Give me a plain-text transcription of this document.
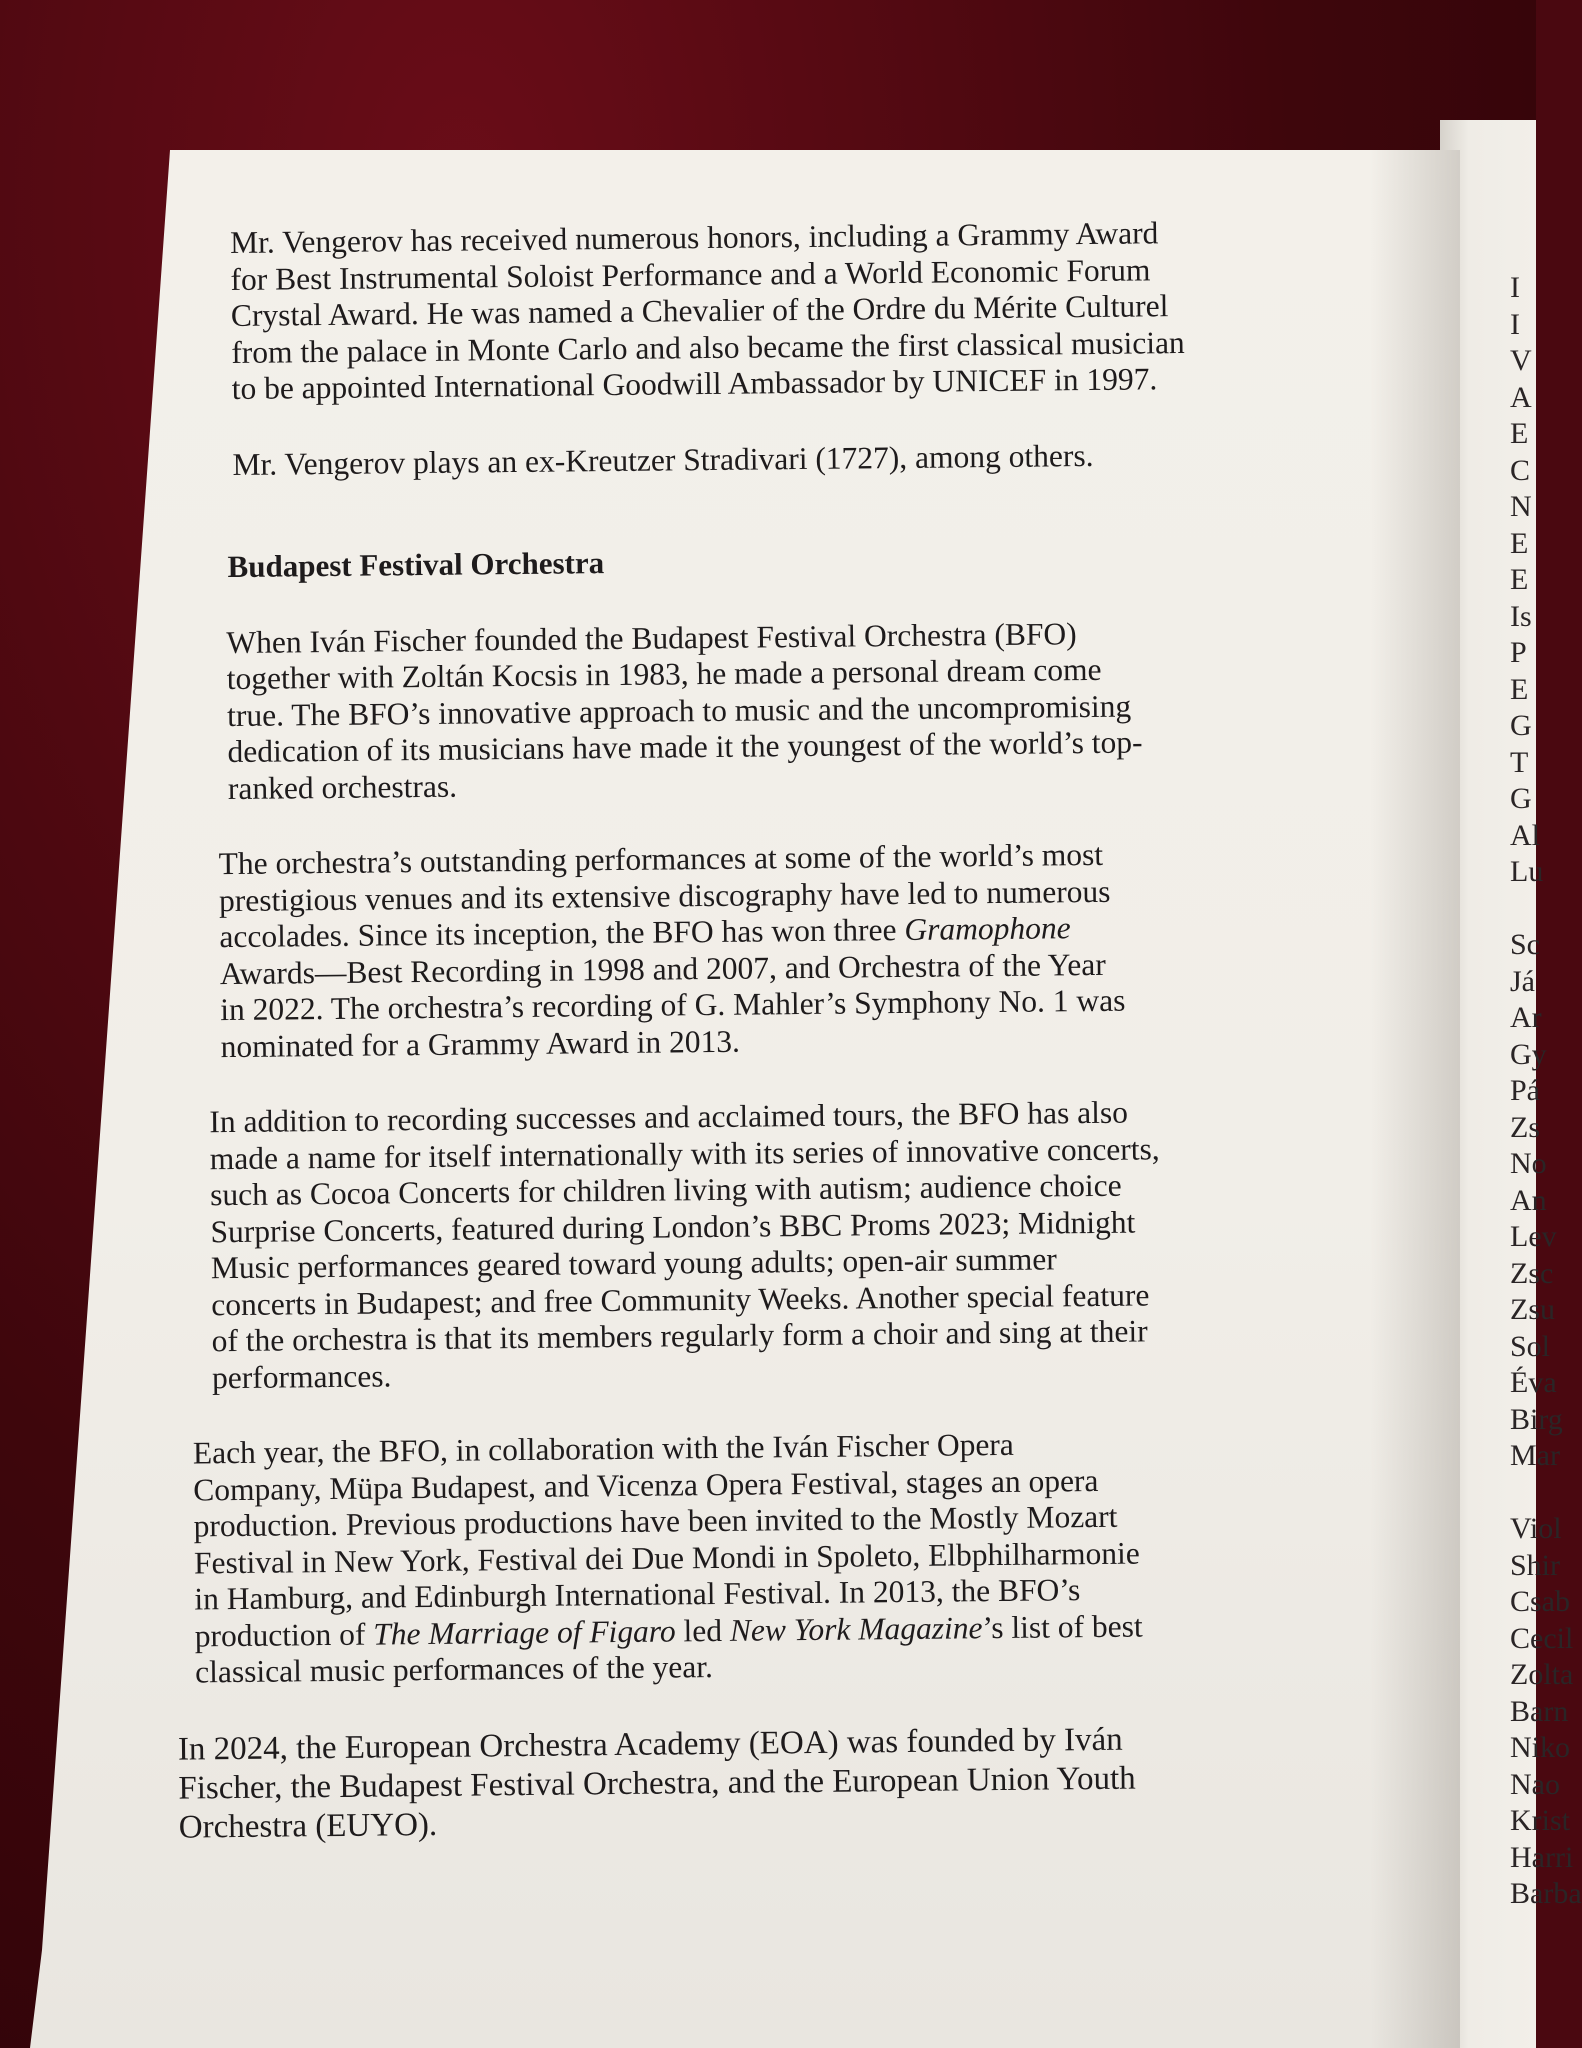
I
I
V
A
E
C
N
E
E
Is
P
E
G
T
G
Al
Lu

Sc
Já
Ar
Gy
Pá
Zs
No
An
Lev
Zsc
Zsu
Sol
Éva
Birg
Mar

Viol
Shir
Csab
Cecil
Zolta
Barn
Niko
Nao
Krist
Harri
Barba

Mr. Vengerov has received numerous honors, including a Grammy Award
for Best Instrumental Soloist Performance and a World Economic Forum
Crystal Award. He was named a Chevalier of the Ordre du Mérite Culturel
from the palace in Monte Carlo and also became the first classical musician
to be appointed International Goodwill Ambassador by UNICEF in 1997.

Mr. Vengerov plays an ex-Kreutzer Stradivari (1727), among others.

Budapest Festival Orchestra

When Iván Fischer founded the Budapest Festival Orchestra (BFO)
together with Zoltán Kocsis in 1983, he made a personal dream come
true. The BFO’s innovative approach to music and the uncompromising
dedication of its musicians have made it the youngest of the world’s top-
ranked orchestras.

The orchestra’s outstanding performances at some of the world’s most
prestigious venues and its extensive discography have led to numerous
accolades. Since its inception, the BFO has won three Gramophone
Awards—Best Recording in 1998 and 2007, and Orchestra of the Year
in 2022. The orchestra’s recording of G. Mahler’s Symphony No. 1 was
nominated for a Grammy Award in 2013.

In addition to recording successes and acclaimed tours, the BFO has also
made a name for itself internationally with its series of innovative concerts,
such as Cocoa Concerts for children living with autism; audience choice
Surprise Concerts, featured during London’s BBC Proms 2023; Midnight
Music performances geared toward young adults; open-air summer
concerts in Budapest; and free Community Weeks. Another special feature
of the orchestra is that its members regularly form a choir and sing at their
performances.

Each year, the BFO, in collaboration with the Iván Fischer Opera
Company, Müpa Budapest, and Vicenza Opera Festival, stages an opera
production. Previous productions have been invited to the Mostly Mozart
Festival in New York, Festival dei Due Mondi in Spoleto, Elbphilharmonie
in Hamburg, and Edinburgh International Festival. In 2013, the BFO’s
production of The Marriage of Figaro led New York Magazine’s list of best
classical music performances of the year.

In 2024, the European Orchestra Academy (EOA) was founded by Iván
Fischer, the Budapest Festival Orchestra, and the European Union Youth
Orchestra (EUYO).
